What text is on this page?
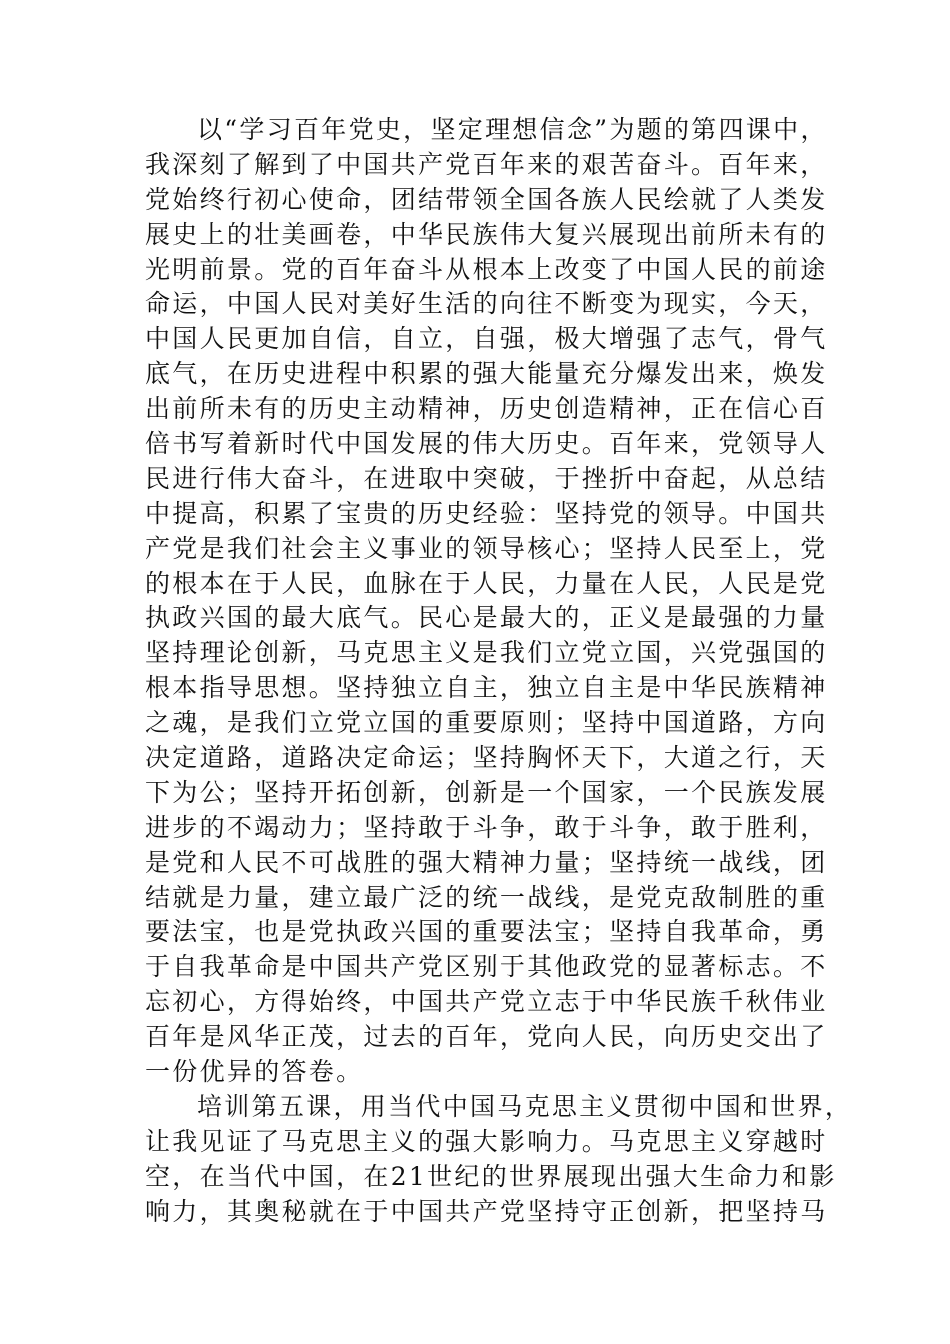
以“学习百年党史，坚定理想信念”为题的第四课中，
我深刻了解到了中国共产党百年来的艰苦奋斗。百年来，
党始终行初心使命，团结带领全国各族人民绘就了人类发
展史上的壮美画卷，中华民族伟大复兴展现出前所未有的
光明前景。党的百年奋斗从根本上改变了中国人民的前途
命运，中国人民对美好生活的向往不断变为现实，今天，
中国人民更加自信，自立，自强，极大增强了志气，骨气
底气，在历史进程中积累的强大能量充分爆发出来，焕发
出前所未有的历史主动精神，历史创造精神，正在信心百
倍书写着新时代中国发展的伟大历史。百年来，党领导人
民进行伟大奋斗，在进取中突破，于挫折中奋起，从总结
中提高，积累了宝贵的历史经验：坚持党的领导。中国共
产党是我们社会主义事业的领导核心；坚持人民至上，党
的根本在于人民，血脉在于人民，力量在人民，人民是党
执政兴国的最大底气。民心是最大的，正义是最强的力量
坚持理论创新，马克思主义是我们立党立国，兴党强国的
根本指导思想。坚持独立自主，独立自主是中华民族精神
之魂，是我们立党立国的重要原则；坚持中国道路，方向
决定道路，道路决定命运；坚持胸怀天下，大道之行，天
下为公；坚持开拓创新，创新是一个国家，一个民族发展
进步的不竭动力；坚持敢于斗争，敢于斗争，敢于胜利，
是党和人民不可战胜的强大精神力量；坚持统一战线，团
结就是力量，建立最广泛的统一战线，是党克敌制胜的重
要法宝，也是党执政兴国的重要法宝；坚持自我革命，勇
于自我革命是中国共产党区别于其他政党的显著标志。不
忘初心，方得始终，中国共产党立志于中华民族千秋伟业
百年是风华正茂，过去的百年，党向人民，向历史交出了
一份优异的答卷。
培训第五课，用当代中国马克思主义贯彻中国和世界，
让我见证了马克思主义的强大影响力。马克思主义穿越时
空，在当代中国，在21世纪的世界展现出强大生命力和影
响力，其奥秘就在于中国共产党坚持守正创新，把坚持马
